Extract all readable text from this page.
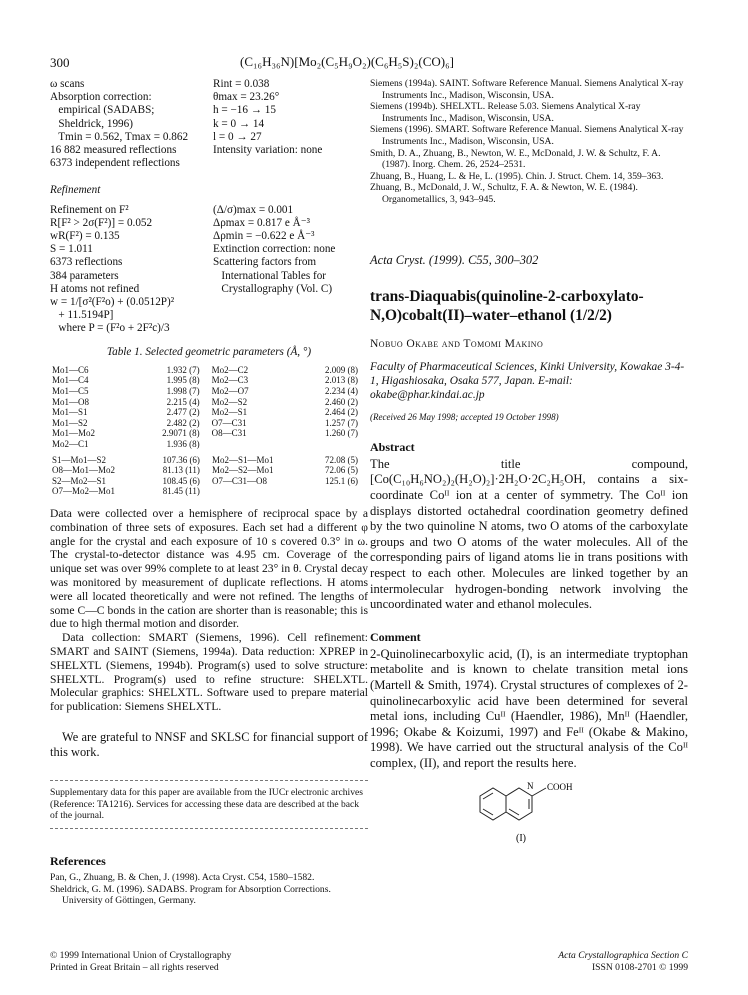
300	(C₁₆H₃₆N)[Mo₂(C₅H₉O₂)(C₆H₅S)₂(CO)₆]
ω scans
Absorption correction:
empirical (SADABS;
Sheldrick, 1996)
Tmin = 0.562, Tmax = 0.862
16 882 measured reflections
6373 independent reflections
Rint = 0.038
θmax = 23.26°
h = −16 → 15
k = 0 → 14
l = 0 → 27
Intensity variation: none
Refinement
Refinement on F²
R[F² > 2σ(F²)] = 0.052
wR(F²) = 0.135
S = 1.011
6373 reflections
384 parameters
H atoms not refined
w = 1/[σ²(F²o) + (0.0512P)²
+ 11.5194P]
where P = (F²o + 2F²c)/3
(Δ/σ)max = 0.001
Δρmax = 0.817 e Å⁻³
Δρmin = −0.622 e Å⁻³
Extinction correction: none
Scattering factors from
International Tables for
Crystallography (Vol. C)
Table 1. Selected geometric parameters (Å, °)
Mo1—C6	1.932 (7)	Mo2—C2	2.009 (8)
Mo1—C4	1.995 (8)	Mo2—C3	2.013 (8)
Mo1—C5	1.998 (7)	Mo2—O7	2.234 (4)
Mo1—O8	2.215 (4)	Mo2—S2	2.460 (2)
Mo1—S1	2.477 (2)	Mo2—S1	2.464 (2)
Mo1—S2	2.482 (2)	O7—C31	1.257 (7)
Mo1—Mo2	2.9071 (8)	O8—C31	1.260 (7)
Mo2—C1	1.936 (8)		
S1—Mo1—S2	107.36 (6)	Mo2—S1—Mo1	72.08 (5)
O8—Mo1—Mo2	81.13 (11)	Mo2—S2—Mo1	72.06 (5)
S2—Mo2—S1	108.45 (6)	O7—C31—O8	125.1 (6)
O7—Mo2—Mo1	81.45 (11)		

Data were collected over a hemisphere of reciprocal space by a combination of three sets of exposures. Each set had a different φ angle for the crystal and each exposure of 10 s covered 0.3° in ω. The crystal-to-detector distance was 4.95 cm. Coverage of the unique set was over 99% complete to at least 23° in θ. Crystal decay was monitored by measurement of duplicate reflections. H atoms were all located theoretically and were not refined. The lengths of some C—C bonds in the cation are shorter than is reasonable; this is due to high thermal motion and disorder.

Data collection: SMART (Siemens, 1996). Cell refinement: SMART and SAINT (Siemens, 1994a). Data reduction: XPREP in SHELXTL (Siemens, 1994b). Program(s) used to solve structure: SHELXTL. Program(s) used to refine structure: SHELXTL. Molecular graphics: SHELXTL. Software used to prepare material for publication: Siemens SHELXTL.

We are grateful to NNSF and SKLSC for financial support of this work.

Supplementary data for this paper are available from the IUCr electronic archives (Reference: TA1216). Services for accessing these data are described at the back of the journal.

References
Pan, G., Zhuang, B. & Chen, J. (1998). Acta Cryst. C54, 1580–1582.
Sheldrick, G. M. (1996). SADABS. Program for Absorption Corrections. University of Göttingen, Germany.
Siemens (1994a). SAINT. Software Reference Manual. Siemens Analytical X-ray Instruments Inc., Madison, Wisconsin, USA.
Siemens (1994b). SHELXTL. Release 5.03. Siemens Analytical X-ray Instruments Inc., Madison, Wisconsin, USA.
Siemens (1996). SMART. Software Reference Manual. Siemens Analytical X-ray Instruments Inc., Madison, Wisconsin, USA.
Smith, D. A., Zhuang, B., Newton, W. E., McDonald, J. W. & Schultz, F. A. (1987). Inorg. Chem. 26, 2524–2531.
Zhuang, B., Huang, L. & He, L. (1995). Chin. J. Struct. Chem. 14, 359–363.
Zhuang, B., McDonald, J. W., Schultz, F. A. & Newton, W. E. (1984). Organometallics, 3, 943–945.
Acta Cryst. (1999). C55, 300–302
trans-Diaquabis(quinoline-2-carboxylato-
N,O)cobalt(II)–water–ethanol (1/2/2)
Nobuo Okabe and Tomomi Makino
Faculty of Pharmaceutical Sciences, Kinki University, Kowakae 3-4-1, Higashiosaka, Osaka 577, Japan. E-mail: okabe@phar.kindai.ac.jp
(Received 26 May 1998; accepted 19 October 1998)
Abstract

The title compound, [Co(C₁₀H₆NO₂)₂(H₂O)₂]·2H₂O·2C₂H₅OH, contains a six-coordinate Coᴵᴵ ion at a center of symmetry. The Coᴵᴵ ion displays distorted octahedral coordination geometry defined by the two quinoline N atoms, two O atoms of the carboxylate groups and two O atoms of the water molecules. All of the corresponding pairs of ligand atoms lie in trans positions with respect to each other. Molecules are linked together by an intermolecular hydrogen-bonding network involving the uncoordinated water and ethanol molecules.

Comment

2-Quinolinecarboxylic acid, (I), is an intermediate tryptophan metabolite and is known to chelate transition metal ions (Martell & Smith, 1974). Crystal structures of complexes of 2-quinolinecarboxylic acid have been determined for several metal ions, including Cuᴵᴵ (Haendler, 1986), Mnᴵᴵ (Haendler, 1996; Okabe & Koizumi, 1997) and Feᴵᴵ (Okabe & Makino, 1998). We have carried out the structural analysis of the Coᴵᴵ complex, (II), and report the results here.

N COOH
(I)
© 1999 International Union of Crystallography
Printed in Great Britain – all rights reserved
Acta Crystallographica Section C
ISSN 0108-2701 © 1999
